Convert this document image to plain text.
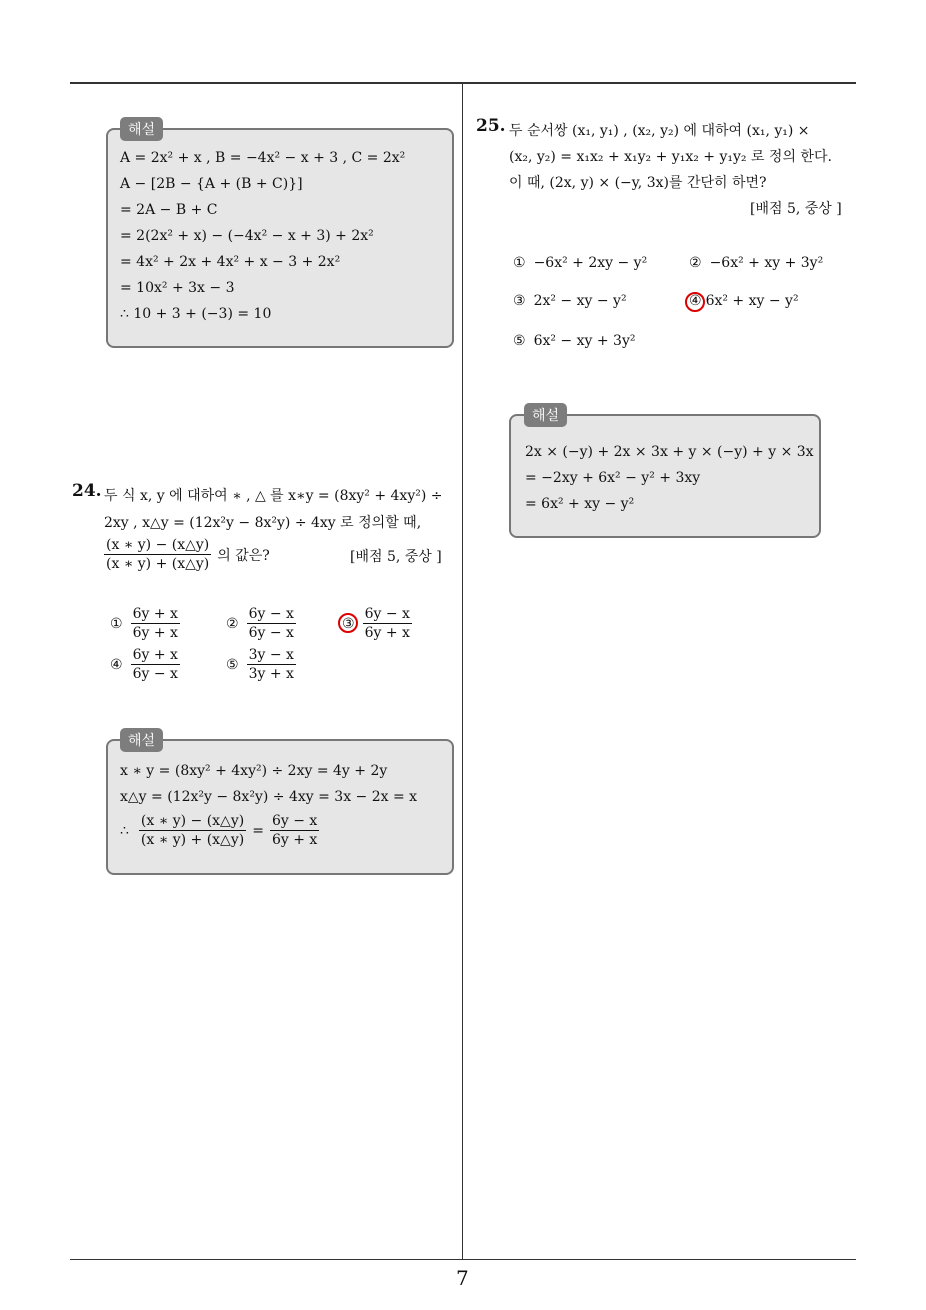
A = 2x² + x , B = −4x² − x + 3 , C = 2x²
A − [2B − {A + (B + C)}]
= 2A − B + C
= 2(2x² + x) − (−4x² − x + 3) + 2x²
= 4x² + 2x + 4x² + x − 3 + 2x²
= 10x² + 3x − 3
∴ 10 + 3 + (−3) = 10
해설
24. 두 식 x, y 에 대하여 ∗ , △ 를 x∗y = (8xy² + 4xy²) ÷
2xy , x△y = (12x²y − 8x²y) ÷ 4xy 로 정의할 때,
$\frac{(x ∗ y) - (x\triangle y)}{(x ∗ y) + (x\triangle y)}$ 의 값은?	[배점 5, 중상 ]
① $\frac{6y + x}{6y + x}$	② $\frac{6y - x}{6y - x}$	③ $\frac{6y - x}{6y + x}$
④ $\frac{6y + x}{6y - x}$	⑤ $\frac{3y - x}{3y + x}$
x ∗ y = (8xy² + 4xy²) ÷ 2xy = 4y + 2y
x△y = (12x²y − 8x²y) ÷ 4xy = 3x − 2x = x
∴ $\frac{(x ∗ y) - (x\triangle y)}{(x ∗ y) + (x\triangle y)} = \frac{6y - x}{6y + x}$
해설
25. 두 순서쌍 (x₁, y₁) , (x₂, y₂) 에 대하여 (x₁, y₁) ×
(x₂, y₂) = x₁x₂ + x₁y₂ + y₁x₂ + y₁y₂ 로 정의 한다.
이 때, (2x, y) × (−y, 3x)를 간단히 하면?
[배점 5, 중상 ]
① −6x² + 2xy − y²	② −6x² + xy + 3y²
③ 2x² − xy − y²	④ 6x² + xy − y²
⑤ 6x² − xy + 3y²
2x × (−y) + 2x × 3x + y × (−y) + y × 3x
= −2xy + 6x² − y² + 3xy
= 6x² + xy − y²
해설
7
